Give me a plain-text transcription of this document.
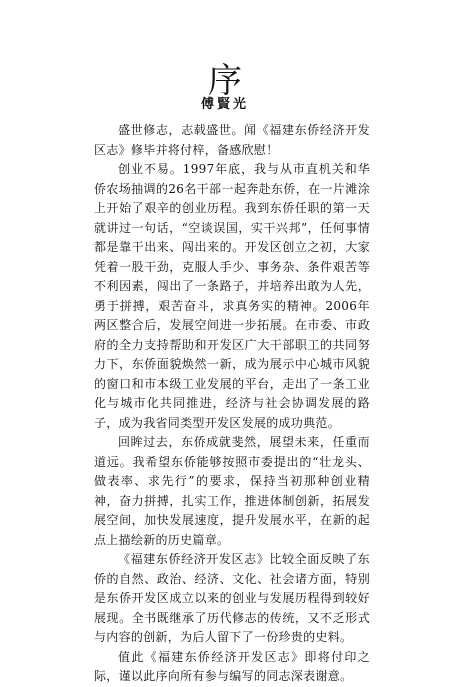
序
傅賢光

盛世修志，志载盛世。闻《福建东侨经济开发区志》修毕并将付梓，备感欣慰！

创业不易。1997年底，我与从市直机关和华侨农场抽调的26名干部一起奔赴东侨，在一片滩涂上开始了艰辛的创业历程。我到东侨任职的第一天就讲过一句话，“空谈误国，实干兴邦”，任何事情都是靠干出来、闯出来的。开发区创立之初，大家凭着一股干劲，克服人手少、事务杂、条件艰苦等不利因素，闯出了一条路子，并培养出敢为人先，勇于拼搏，艰苦奋斗，求真务实的精神。2006年两区整合后，发展空间进一步拓展。在市委、市政府的全力支持帮助和开发区广大干部职工的共同努力下，东侨面貌焕然一新，成为展示中心城市风貌的窗口和市本级工业发展的平台，走出了一条工业化与城市化共同推进，经济与社会协调发展的路子，成为我省同类型开发区发展的成功典范。

回眸过去，东侨成就斐然，展望未来，任重而道远。我希望东侨能够按照市委提出的“壮龙头、做表率、求先行”的要求，保持当初那种创业精神，奋力拼搏，扎实工作，推进体制创新，拓展发展空间，加快发展速度，提升发展水平，在新的起点上描绘新的历史篇章。

《福建东侨经济开发区志》比较全面反映了东侨的自然、政治、经济、文化、社会诸方面，特别是东侨开发区成立以来的创业与发展历程得到较好展现。全书既继承了历代修志的传统，又不乏形式与内容的创新，为后人留下了一份珍贵的史料。

值此《福建东侨经济开发区志》即将付印之际，谨以此序向所有参与编写的同志深表谢意。
